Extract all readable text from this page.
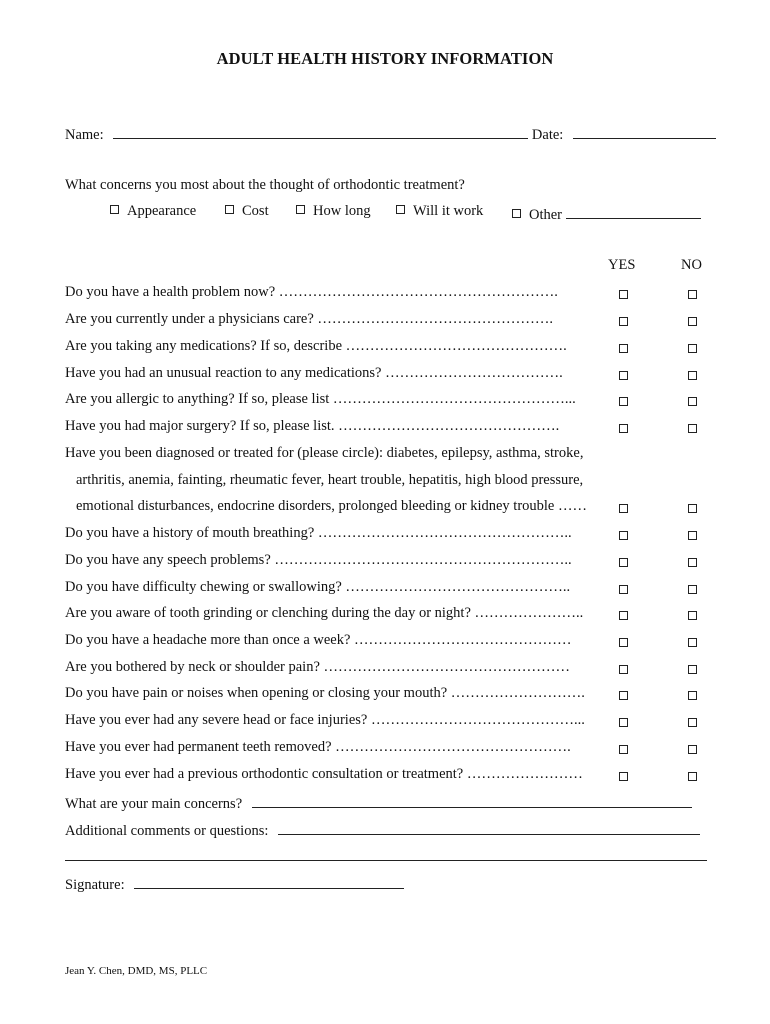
ADULT HEALTH HISTORY INFORMATION
Name:	Date:
What concerns you most about the thought of orthodontic treatment?
Appearance	Cost	How long	Will it work	Other
YES	NO
Do you have a health problem now? ………………………………………………….
Are you currently under a physicians care? ………………………………………….
Are you taking any medications? If so, describe ……………………………………….
Have you had an unusual reaction to any medications? ……………………………….
Are you allergic to anything? If so, please list …………………………………………...
Have you had major surgery? If so, please list. ……………………………………….
Have you been diagnosed or treated for (please circle): diabetes, epilepsy, asthma, stroke,
arthritis, anemia, fainting, rheumatic fever, heart trouble, hepatitis, high blood pressure,
emotional disturbances, endocrine disorders, prolonged bleeding or kidney trouble ……
Do you have a history of mouth breathing? ……………………………………………..
Do you have any speech problems? ……………………………………………………..
Do you have difficulty chewing or swallowing? ………………………………………..
Are you aware of tooth grinding or clenching during the day or night? …………………..
Do you have a headache more than once a week? ………………………………………
Are you bothered by neck or shoulder pain? ……………………………………………
Do you have pain or noises when opening or closing your mouth? ……………………….
Have you ever had any severe head or face injuries? ……………………………………...
Have you ever had permanent teeth removed? ………………………………………….
Have you ever had a previous orthodontic consultation or treatment? ……………………
What are your main concerns?
Additional comments or questions:
Signature:
Jean Y. Chen, DMD, MS, PLLC
